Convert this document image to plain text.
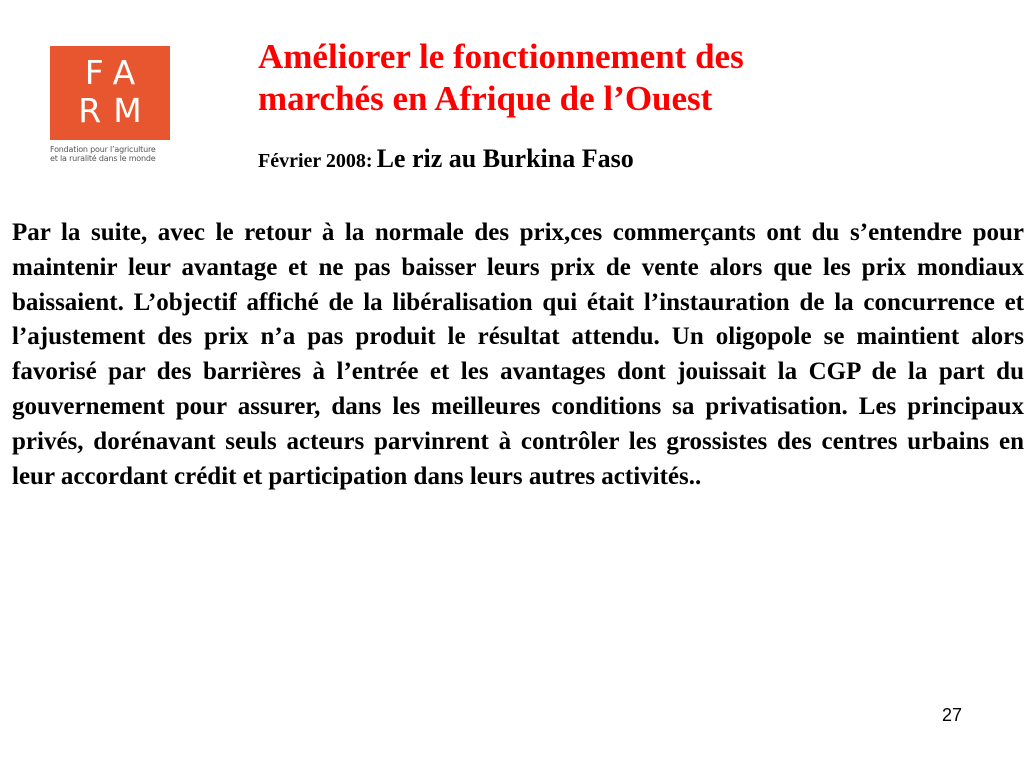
FA
RM
Fondation pour l’agriculture
et la ruralité dans le monde
Améliorer le fonctionnement des
marchés en Afrique de l’Ouest
Février 2008: Le riz au Burkina Faso

Par la suite, avec le retour à la normale des prix,ces commerçants ont du s’entendre pour maintenir leur avantage et ne pas baisser leurs prix de vente alors que les prix mondiaux baissaient. L’objectif affiché de la libéralisation qui était l’instauration de la concurrence et l’ajustement des prix n’a pas produit le résultat attendu. Un oligopole se maintient alors favorisé par des barrières à l’entrée et les avantages dont jouissait la CGP de la part du gouvernement pour assurer, dans les meilleures conditions sa privatisation. Les principaux privés, dorénavant seuls acteurs parvinrent à contrôler les grossistes des centres urbains en leur accordant crédit et participation dans leurs autres activités..

27
